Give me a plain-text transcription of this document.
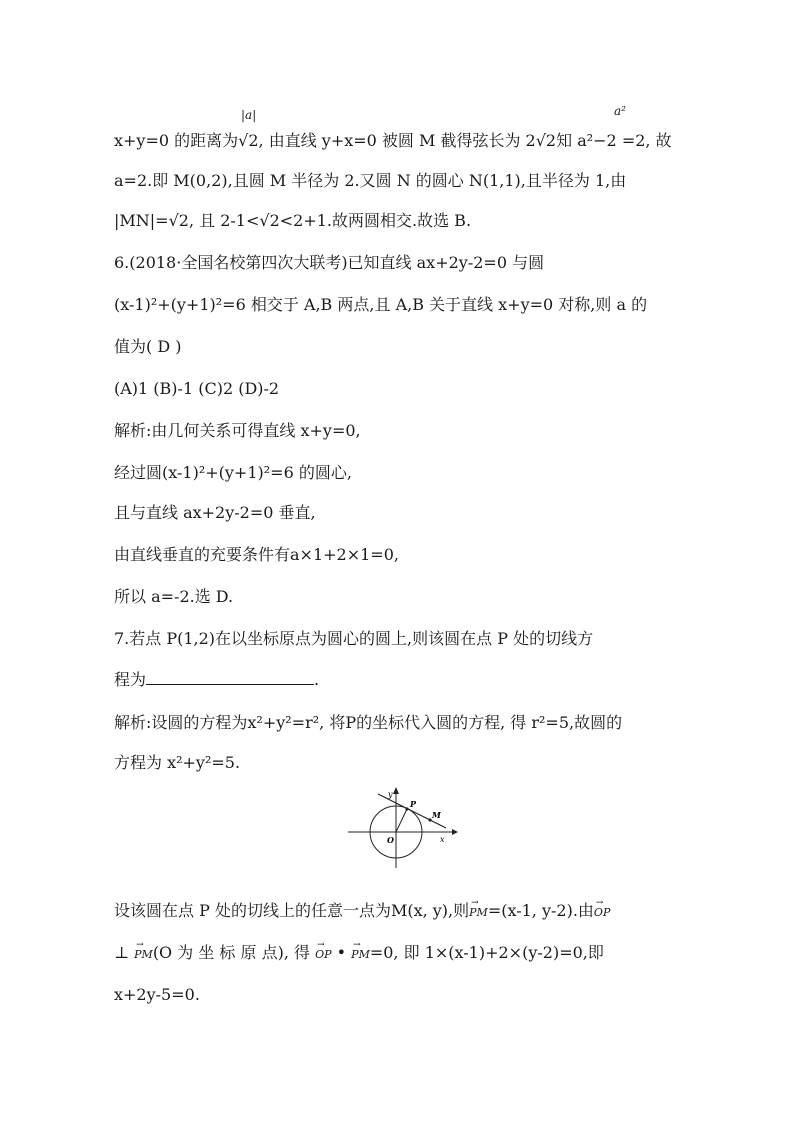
|a|	a²
x+y=0 的距离为√2, 由直线 y+x=0 被圆 M 截得弦长为 2√2知 a²−2 =2, 故
a=2.即 M(0,2),且圆 M 半径为 2.又圆 N 的圆心 N(1,1),且半径为 1,由
|MN|=√2, 且 2-1<√2<2+1.故两圆相交.故选 B.
6.(2018·全国名校第四次大联考)已知直线 ax+2y-2=0 与圆
(x-1)²+(y+1)²=6 相交于 A,B 两点,且 A,B 关于直线 x+y=0 对称,则 a 的
值为( D )
(A)1 (B)-1 (C)2 (D)-2
解析:由几何关系可得直线 x+y=0,
经过圆(x-1)²+(y+1)²=6 的圆心,
且与直线 ax+2y-2=0 垂直,
由直线垂直的充要条件有a×1+2×1=0,
所以 a=-2.选 D.
7.若点 P(1,2)在以坐标原点为圆心的圆上,则该圆在点 P 处的切线方
程为	.
解析:设圆的方程为x²+y²=r², 将P的坐标代入圆的方程, 得 r²=5,故圆的
方程为 x²+y²=5.
y
x
P
M
O
设该圆在点 P 处的切线上的任意一点为M(x, y),则→ PM=(x-1, y-2).由→ OP
⊥ → PM(O 为 坐 标 原 点), 得 → OP • → PM=0, 即 1×(x-1)+2×(y-2)=0,即
x+2y-5=0.
